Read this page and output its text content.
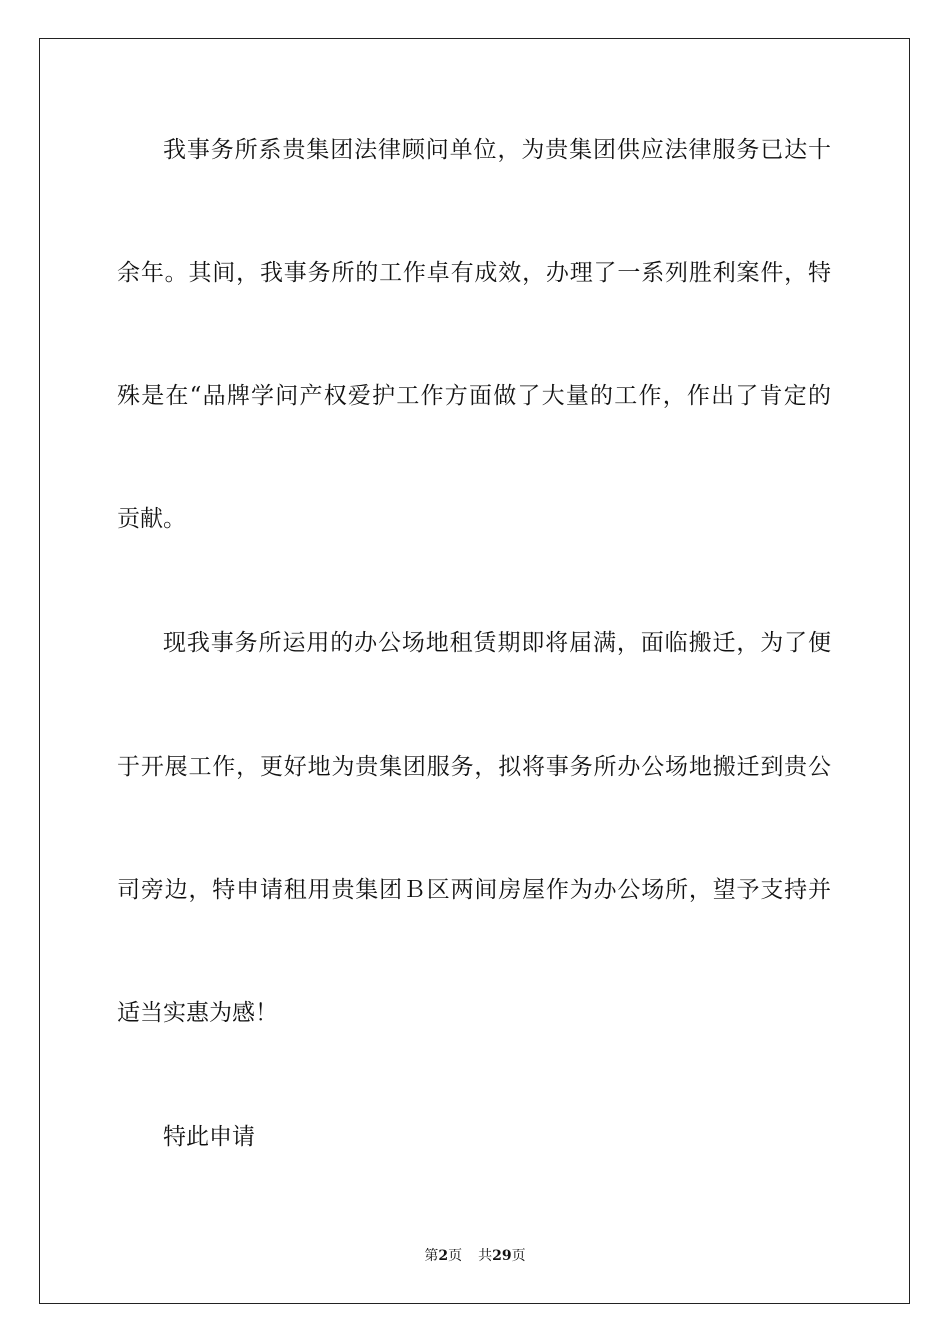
我事务所系贵集团法律顾问单位，为贵集团供应法律服务已达十
余年。其间，我事务所的工作卓有成效，办理了一系列胜利案件，特
殊是在“品牌学问产权爱护工作方面做了大量的工作，作出了肯定的
贡献。
现我事务所运用的办公场地租赁期即将届满，面临搬迁，为了便
于开展工作，更好地为贵集团服务，拟将事务所办公场地搬迁到贵公
司旁边，特申请租用贵集团Ｂ区两间房屋作为办公场所，望予支持并
适当实惠为感！
特此申请
第2页 共29页
